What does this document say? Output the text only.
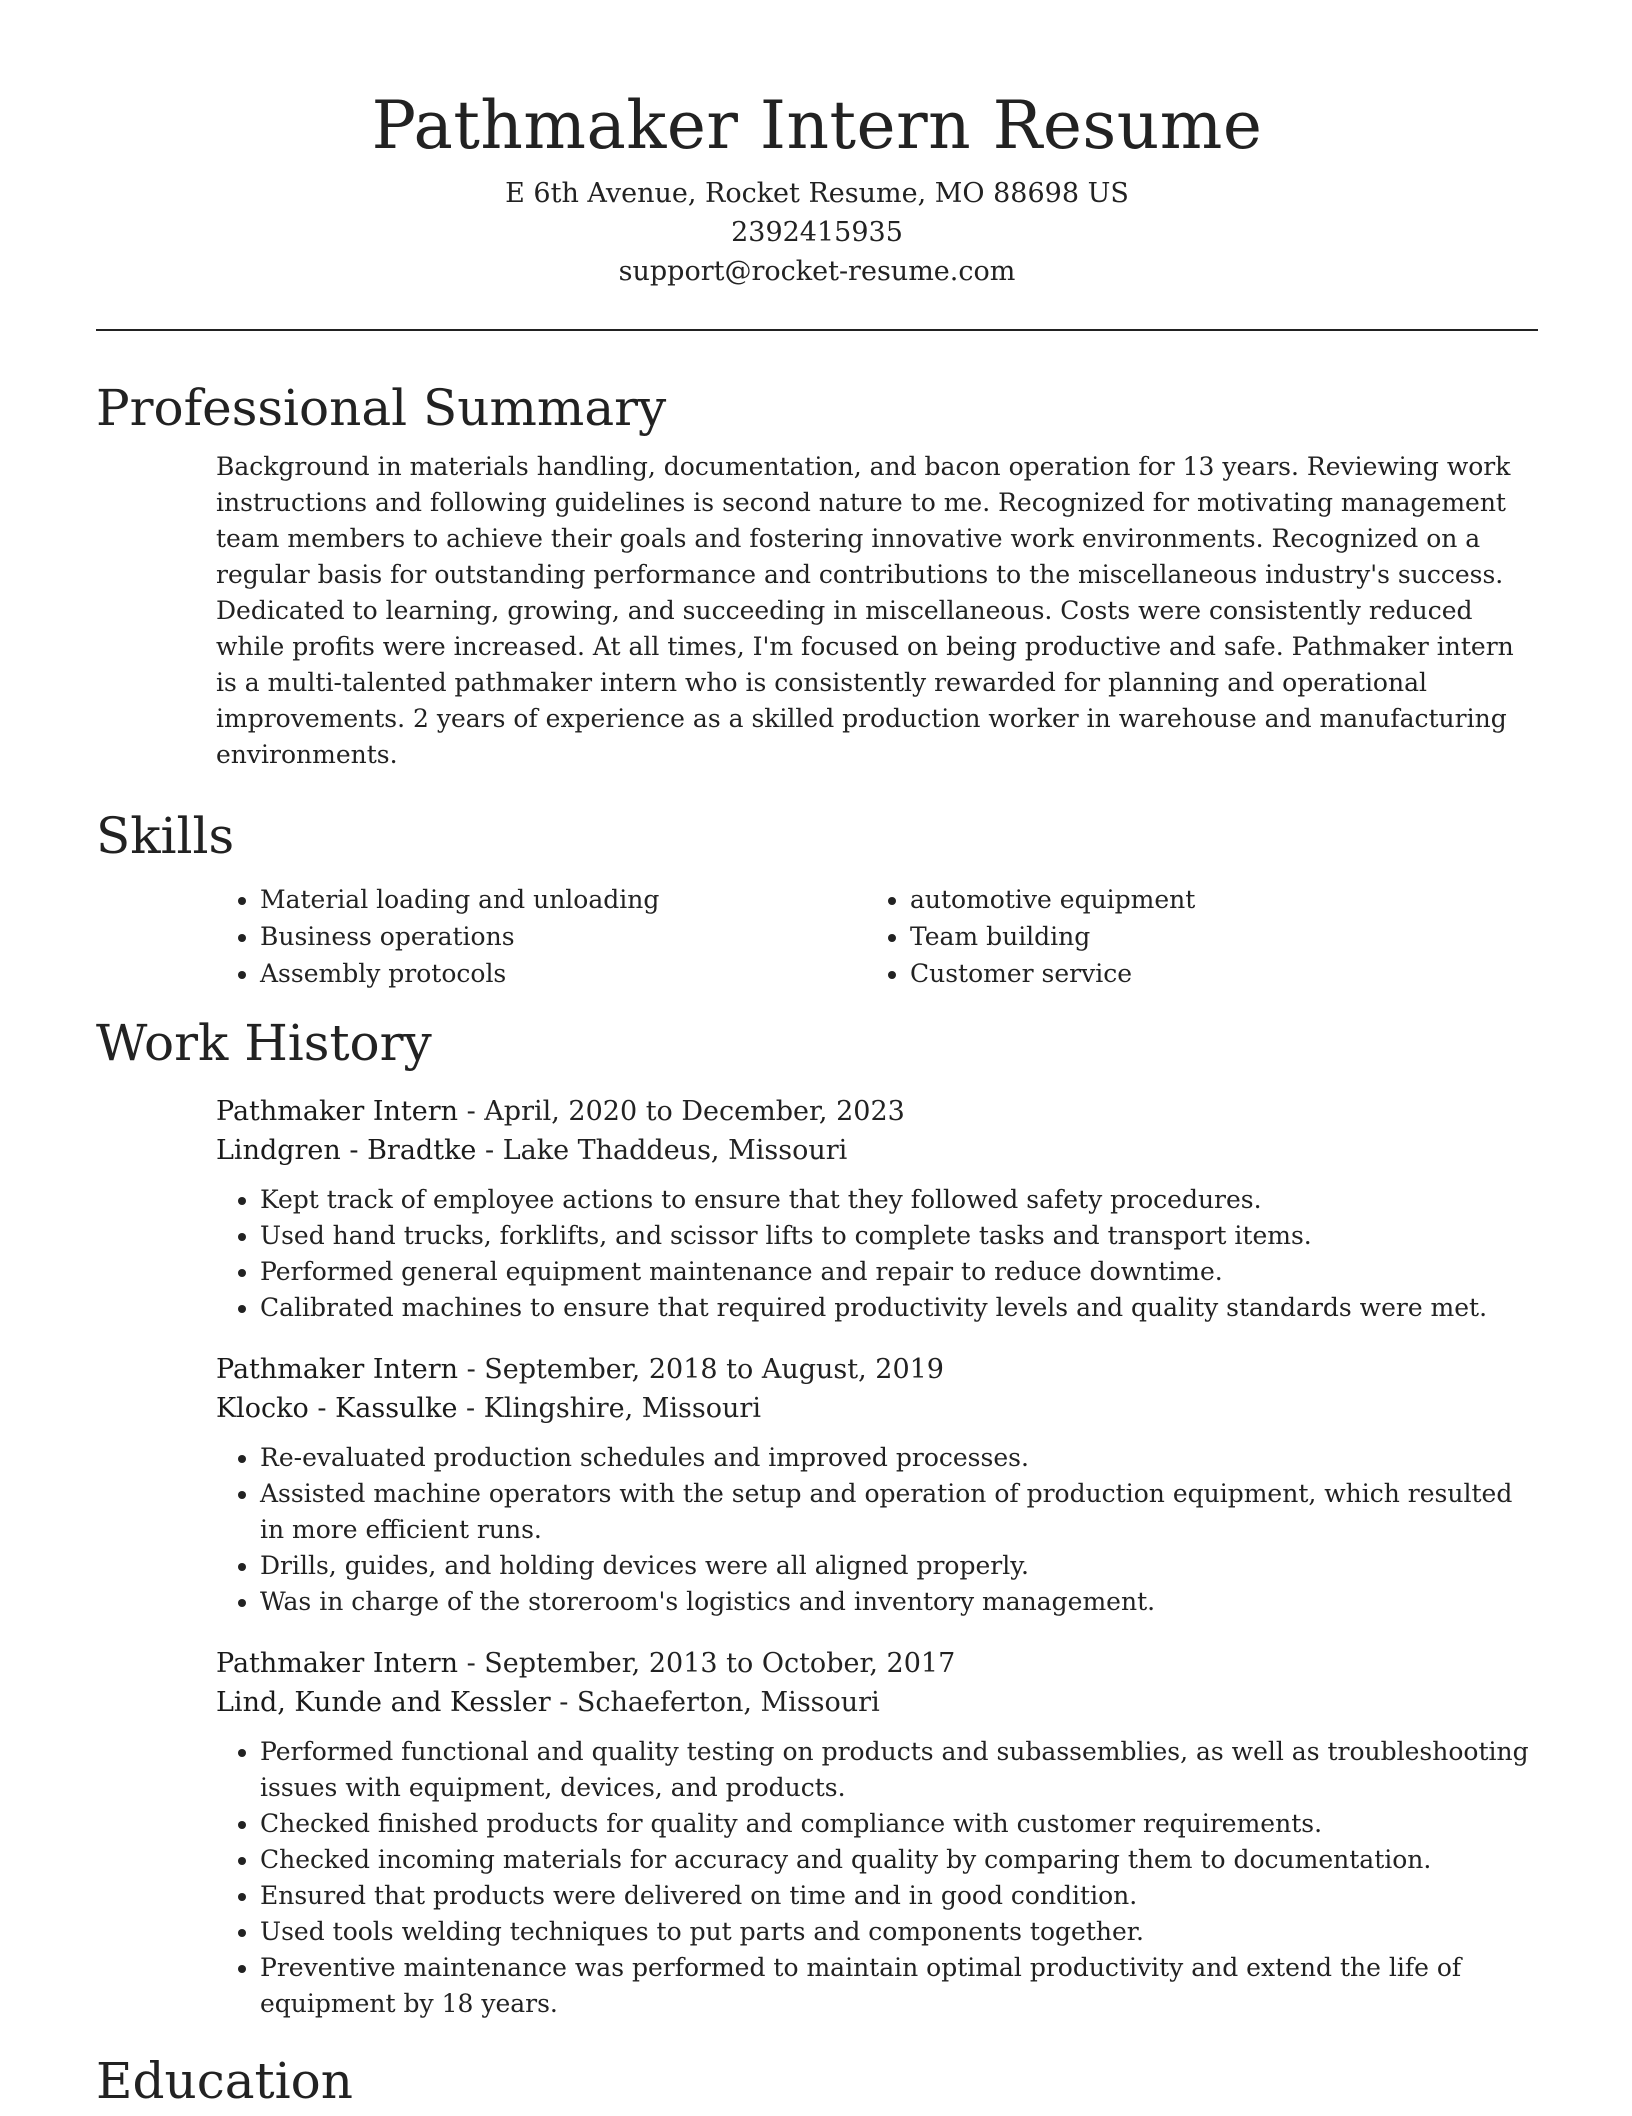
Pathmaker Intern Resume
E 6th Avenue, Rocket Resume, MO 88698 US
2392415935
support@rocket-resume.com
Professional Summary

Background in materials handling, documentation, and bacon operation for 13 years. Reviewing work instructions and following guidelines is second nature to me. Recognized for motivating management team members to achieve their goals and fostering innovative work environments. Recognized on a regular basis for outstanding performance and contributions to the miscellaneous industry's success. Dedicated to learning, growing, and succeeding in miscellaneous. Costs were consistently reduced while profits were increased. At all times, I'm focused on being productive and safe. Pathmaker intern is a multi-talented pathmaker intern who is consistently rewarded for planning and operational improvements. 2 years of experience as a skilled production worker in warehouse and manufacturing environments.

Skills
• Material loading and unloading
• Business operations
• Assembly protocols
• automotive equipment
• Team building
• Customer service
Work History
Pathmaker Intern - April, 2020 to December, 2023
Lindgren - Bradtke - Lake Thaddeus, Missouri
• Kept track of employee actions to ensure that they followed safety procedures.
• Used hand trucks, forklifts, and scissor lifts to complete tasks and transport items.
• Performed general equipment maintenance and repair to reduce downtime.
• Calibrated machines to ensure that required productivity levels and quality standards were met.
Pathmaker Intern - September, 2018 to August, 2019
Klocko - Kassulke - Klingshire, Missouri
• Re-evaluated production schedules and improved processes.
• Assisted machine operators with the setup and operation of production equipment, which resulted in more efficient runs.
• Drills, guides, and holding devices were all aligned properly.
• Was in charge of the storeroom's logistics and inventory management.
Pathmaker Intern - September, 2013 to October, 2017
Lind, Kunde and Kessler - Schaeferton, Missouri
• Performed functional and quality testing on products and subassemblies, as well as troubleshooting issues with equipment, devices, and products.
• Checked finished products for quality and compliance with customer requirements.
• Checked incoming materials for accuracy and quality by comparing them to documentation.
• Ensured that products were delivered on time and in good condition.
• Used tools welding techniques to put parts and components together.
• Preventive maintenance was performed to maintain optimal productivity and extend the life of equipment by 18 years.
Education
